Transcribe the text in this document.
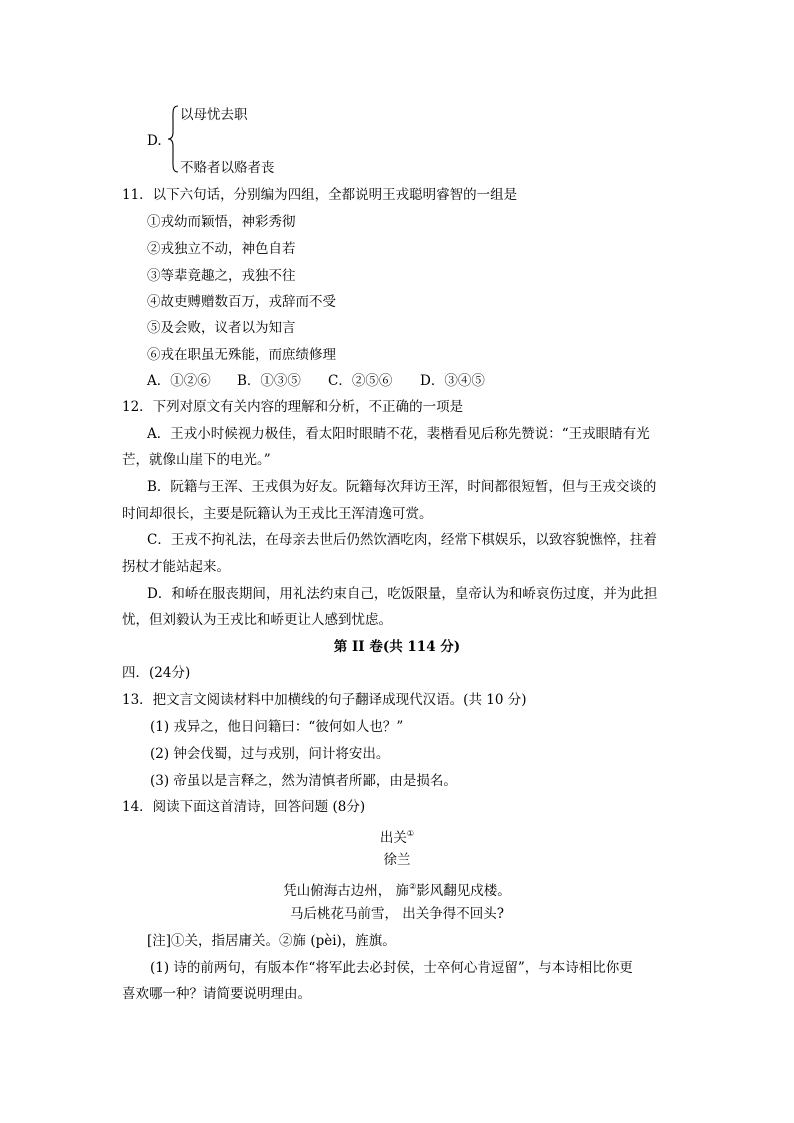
D.
以母忧去职
不赂者以赂者丧
11．以下六句话，分别编为四组，全都说明王戎聪明睿智的一组是
①戎幼而颖悟，神彩秀彻
②戎独立不动，神色自若
③等辈竟趣之，戎独不往
④故吏赙赠数百万，戎辞而不受
⑤及会败，议者以为知言
⑥戎在职虽无殊能，而庶绩修理
A．①②⑥ B．①③⑤ C．②⑤⑥ D．③④⑤
12．下列对原文有关内容的理解和分析，不正确的一项是
A．王戎小时候视力极佳，看太阳时眼睛不花，裴楷看见后称先赞说：“王戎眼睛有光
芒，就像山崖下的电光。”
B．阮籍与王浑、王戎俱为好友。阮籍每次拜访王浑，时间都很短暂，但与王戎交谈的
时间却很长，主要是阮籍认为王戎比王浑清逸可赏。
C．王戎不拘礼法，在母亲去世后仍然饮酒吃肉，经常下棋娱乐，以致容貌憔悴，拄着
拐杖才能站起来。
D．和峤在服丧期间，用礼法约束自己，吃饭限量，皇帝认为和峤哀伤过度，并为此担
忧，但刘毅认为王戎比和峤更让人感到忧虑。
第 II 卷(共 114 分)
四．(24分)
13．把文言文阅读材料中加横线的句子翻译成现代汉语。(共 10 分)
(1) 戎异之，他日问籍曰：“彼何如人也？”
(2) 钟会伐蜀，过与戎别，问计将安出。
(3) 帝虽以是言释之，然为清慎者所鄙，由是损名。
14．阅读下面这首清诗，回答问题 (8分)
出关①
徐兰
凭山俯海古边州， 旆②影风翻见戍楼。
马后桃花马前雪， 出关争得不回头?
[注]①关，指居庸关。②旆 (pèi)，旌旗。
(1) 诗的前两句，有版本作“将军此去必封侯，士卒何心肯逗留”，与本诗相比你更
喜欢哪一种？请简要说明理由。
